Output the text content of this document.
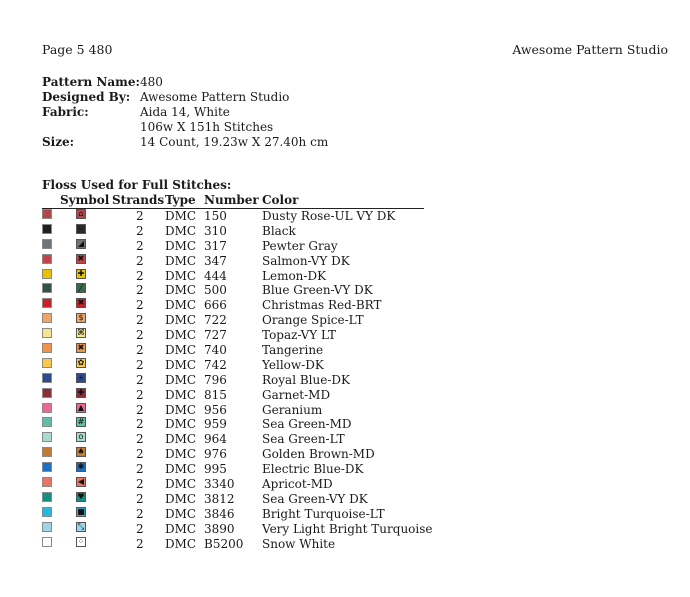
Page 5 480	Awesome Pattern Studio
Pattern Name: 480
Designed By: Awesome Pattern Studio
Fabric:	Aida 14, White
106w X 151h Stitches
Size:	14 Count, 19.23w X 27.40h cm
Floss Used for Full Stitches:
Symbol Strands Type Number Color
⌂	2 DMC 150	Dusty Rose-UL VY DK
–	2 DMC 310	Black
◢	2 DMC 317	Pewter Gray
✖	2 DMC 347	Salmon-VY DK
✚	2 DMC 444	Lemon-DK
╱	2 DMC 500	Blue Green-VY DK
✖	2 DMC 666	Christmas Red-BRT
$	2 DMC 722	Orange Spice-LT
⌘	2 DMC 727	Topaz-VY LT
✖	2 DMC 740	Tangerine
✿	2 DMC 742	Yellow-DK
+	2 DMC 796	Royal Blue-DK
✚	2 DMC 815	Garnet-MD
▲	2 DMC 956	Geranium
#	2 DMC 959	Sea Green-MD
o	2 DMC 964	Sea Green-LT
♠	2 DMC 976	Golden Brown-MD
✱	2 DMC 995	Electric Blue-DK
◀	2 DMC 3340 Apricot-MD
♥	2 DMC 3812 Sea Green-VY DK
■	2 DMC 3846 Bright Turquoise-LT
⤡	2 DMC 3890 Very Light Bright Turquoise
⁘	2 DMC B5200 Snow White
